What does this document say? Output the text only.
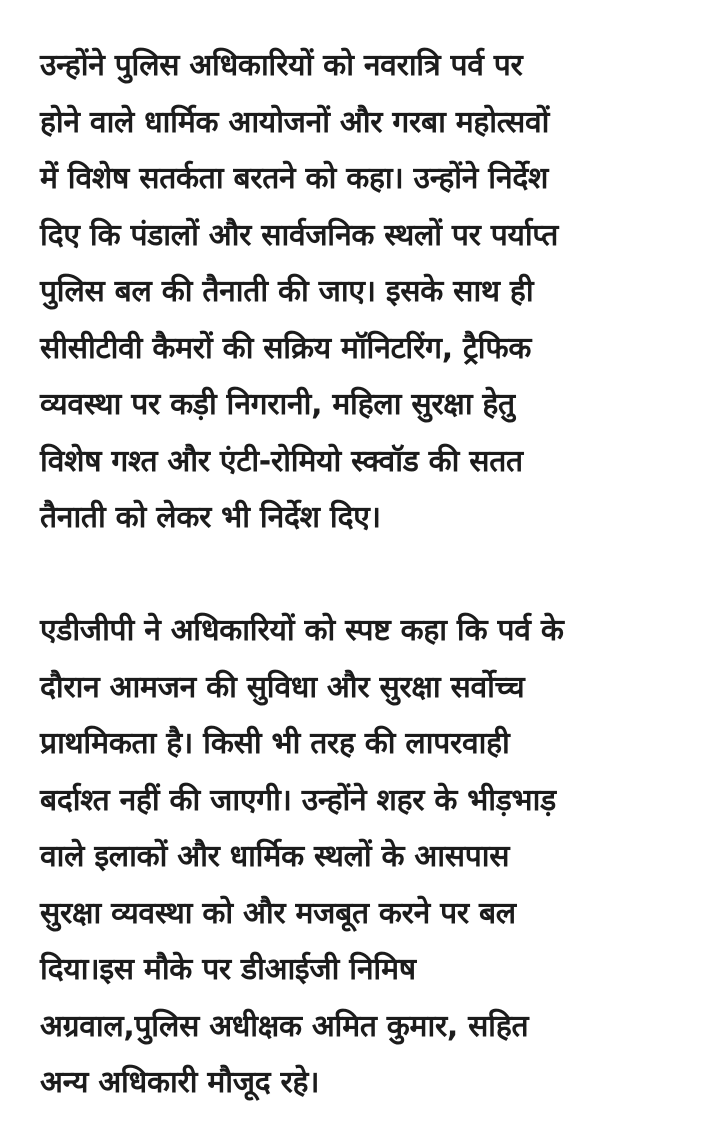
उन्होंने पुलिस अधिकारियों को नवरात्रि पर्व पर
होने वाले धार्मिक आयोजनों और गरबा महोत्सवों
में विशेष सतर्कता बरतने को कहा। उन्होंने निर्देश
दिए कि पंडालों और सार्वजनिक स्थलों पर पर्याप्त
पुलिस बल की तैनाती की जाए। इसके साथ ही
सीसीटीवी कैमरों की सक्रिय मॉनिटरिंग, ट्रैफिक
व्यवस्था पर कड़ी निगरानी, महिला सुरक्षा हेतु
विशेष गश्त और एंटी-रोमियो स्क्वॉड की सतत
तैनाती को लेकर भी निर्देश दिए।

एडीजीपी ने अधिकारियों को स्पष्ट कहा कि पर्व के
दौरान आमजन की सुविधा और सुरक्षा सर्वोच्च
प्राथमिकता है। किसी भी तरह की लापरवाही
बर्दाश्त नहीं की जाएगी। उन्होंने शहर के भीड़भाड़
वाले इलाकों और धार्मिक स्थलों के आसपास
सुरक्षा व्यवस्था को और मजबूत करने पर बल
दिया।इस मौके पर डीआईजी निमिष
अग्रवाल,पुलिस अधीक्षक अमित कुमार, सहित
अन्य अधिकारी मौजूद रहे।
